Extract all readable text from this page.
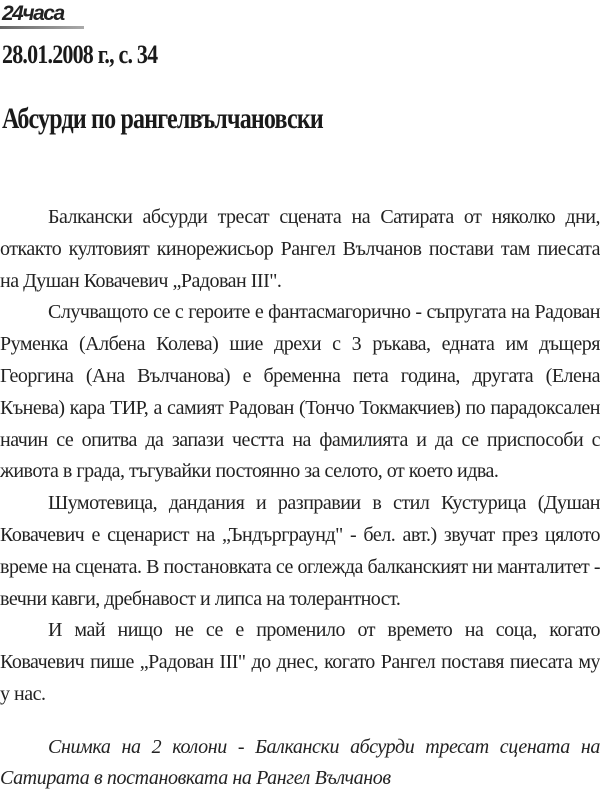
24часа
28.01.2008 г., с. 34
Абсурди по рангелвълчановски

Балкански абсурди тресат сцената на Сатирата от няколко дни, откакто култовият кинорежисьор Рангел Вълчанов постави там пиесата на Душан Ковачевич „Радован III".

Случващото се с героите е фантасмагорично - съпругата на Радован Руменка (Албена Колева) шие дрехи с 3 ръкава, едната им дъщеря Георгина (Ана Вълчанова) е бременна пета година, другата (Елена Кънева) кара ТИР, а самият Радован (Тончо Токмакчиев) по парадоксален начин се опитва да запази честта на фамилията и да се приспособи с живота в града, тъгувайки постоянно за селото, от което идва.

Шумотевица, дандания и разправии в стил Кустурица (Душан Ковачевич е сценарист на „Ъндърграунд" - бел. авт.) звучат през цялото време на сцената. В постановката се оглежда балканският ни манталитет - вечни кавги, дребнавост и липса на толерантност.

И май нищо не се е променило от времето на соца, когато Ковачевич пише „Радован III" до днес, когато Рангел поставя пиесата му у нас.

Снимка на 2 колони - Балкански абсурди тресат сцената на Сатирата в постановката на Рангел Вълчанов
